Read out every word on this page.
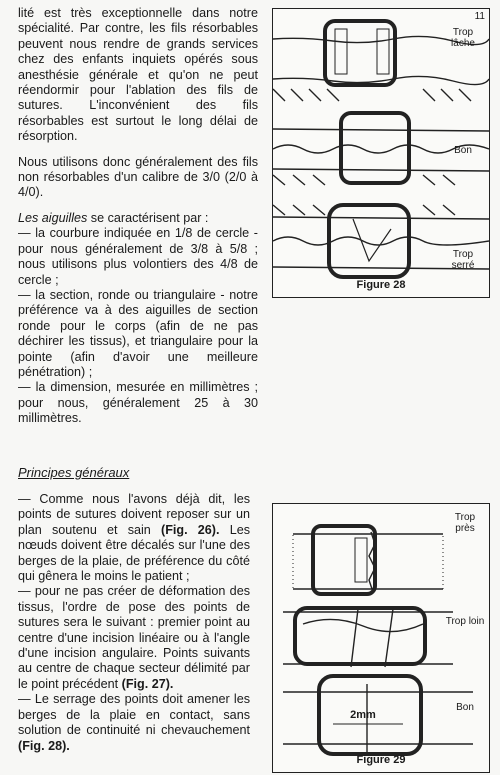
lité est très exceptionnelle dans notre spécialité. Par contre, les fils résorbables peuvent nous rendre de grands services chez des enfants inquiets opérés sous anesthésie générale et qu'on ne peut réendormir pour l'ablation des fils de sutures. L'inconvénient des fils résorbables est surtout le long délai de résorption.

Nous utilisons donc généralement des fils non résorbables d'un calibre de 3/0 (2/0 à 4/0).

Les aiguilles se caractérisent par :
— la courbure indiquée en 1/8 de cercle - pour nous généralement de 3/8 à 5/8 ; nous utilisons plus volontiers des 4/8 de cercle ;
— la section, ronde ou triangulaire - notre préférence va à des aiguilles de section ronde pour le corps (afin de ne pas déchirer les tissus), et triangulaire pour la pointe (afin d'avoir une meilleure pénétration) ;
— la dimension, mesurée en millimètres ; pour nous, généralement 25 à 30 millimètres.

Principes généraux

— Comme nous l'avons déjà dit, les points de sutures doivent reposer sur un plan soutenu et sain (Fig. 26). Les nœuds doivent être décalés sur l'une des berges de la plaie, de préférence du côté qui gênera le moins le patient ;

— pour ne pas créer de déformation des tissus, l'ordre de pose des points de sutures sera le suivant : premier point au centre d'une incision linéaire ou à l'angle d'une incision angulaire. Points suivants au centre de chaque secteur délimité par le point précédent (Fig. 27).

— Le serrage des points doit amener les berges de la plaie en contact, sans solution de continuité ni chevauchement (Fig. 28).

11
Trop lâche
Bon
Trop serré
Figure 28
Trop près
Trop loin
Bon
2mm
Figure 29
